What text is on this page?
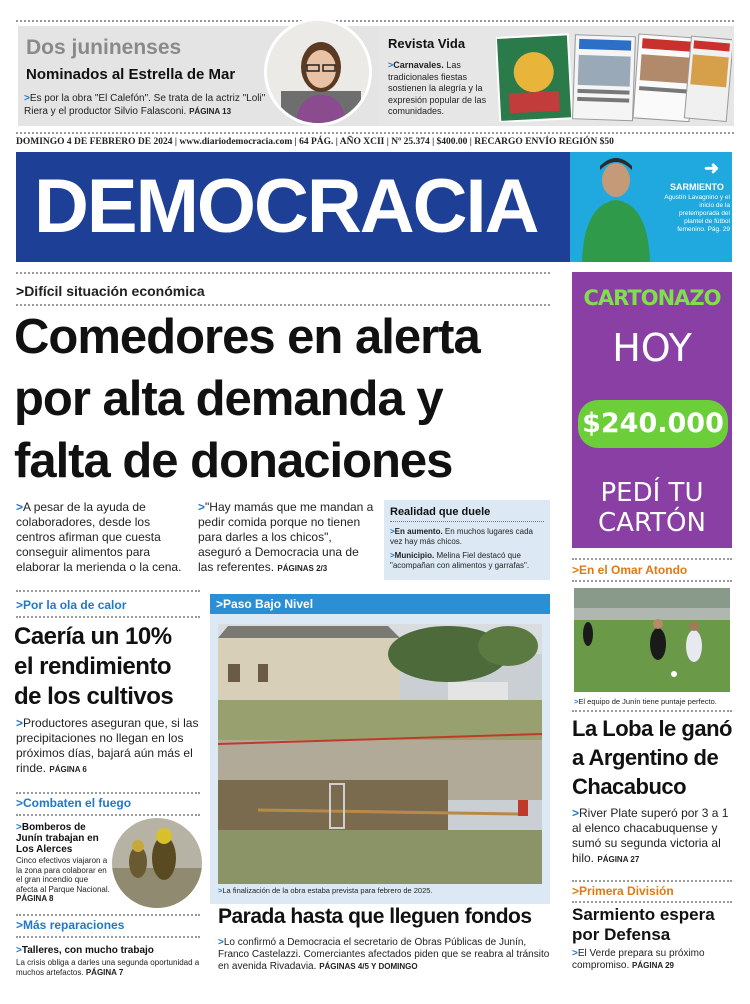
Dos juninenses
Nominados al Estrella de Mar
>Es por la obra "El Calefón". Se trata de la actriz "Loli" Riera y el productor Silvio Falasconi. PÁGINA 13
Revista Vida
>Carnavales. Las tradicionales fiestas sostienen la alegría y la expresión popular de las comunidades.
DOMINGO 4 DE FEBRERO DE 2024 | www.diariodemocracia.com | 64 PÁG. | AÑO XCII | Nº 25.374 | $400.00 | RECARGO ENVÍO REGIÓN $50
DEMOCRACIA	➜
SARMIENTO
Agustín Lavagnino y el inicio de la pretemporada del plantel de fútbol femenino. Pág. 29
>Difícil situación económica
Comedores en alerta
por alta demanda y
falta de donaciones
>A pesar de la ayuda de colaboradores, desde los centros afirman que cuesta conseguir alimentos para elaborar la merienda o la cena.
>"Hay mamás que me mandan a pedir comida porque no tienen para darles a los chicos", aseguró a Democracia una de las referentes. PÁGINAS 2/3
Realidad que duele
>En aumento. En muchos lugares cada vez hay más chicos.
>Municipio. Melina Fiel destacó que "acompañan con alimentos y garrafas".
CARTONAZO
HOY
$240.000
PEDÍ TU
CARTÓN
>Por la ola de calor
Caería un 10%
el rendimiento
de los cultivos
>Productores aseguran que, si las precipitaciones no llegan en los próximos días, bajará aún más el rinde. PÁGINA 6
>Combaten el fuego
>Bomberos de Junín trabajan en Los Alerces
Cinco efectivos viajaron a la zona para colaborar en el gran incendio que afecta al Parque Nacional. PÁGINA 8
>Más reparaciones
>Talleres, con mucho trabajo
La crisis obliga a darles una segunda oportunidad a muchos artefactos. PÁGINA 7
>Paso Bajo Nivel
>La finalización de la obra estaba prevista para febrero de 2025.
Parada hasta que lleguen fondos
>Lo confirmó a Democracia el secretario de Obras Públicas de Junín, Franco Castelazzi. Comerciantes afectados piden que se reabra al tránsito en avenida Rivadavia. PÁGINAS 4/5 Y DOMINGO
>En el Omar Atondo
>El equipo de Junín tiene puntaje perfecto.
La Loba le ganó
a Argentino de
Chacabuco
>River Plate superó por 3 a 1 al elenco chacabuquense y sumó su segunda victoria al hilo. PÁGINA 27
>Primera División
Sarmiento espera
por Defensa
>El Verde prepara su próximo compromiso. PÁGINA 29
